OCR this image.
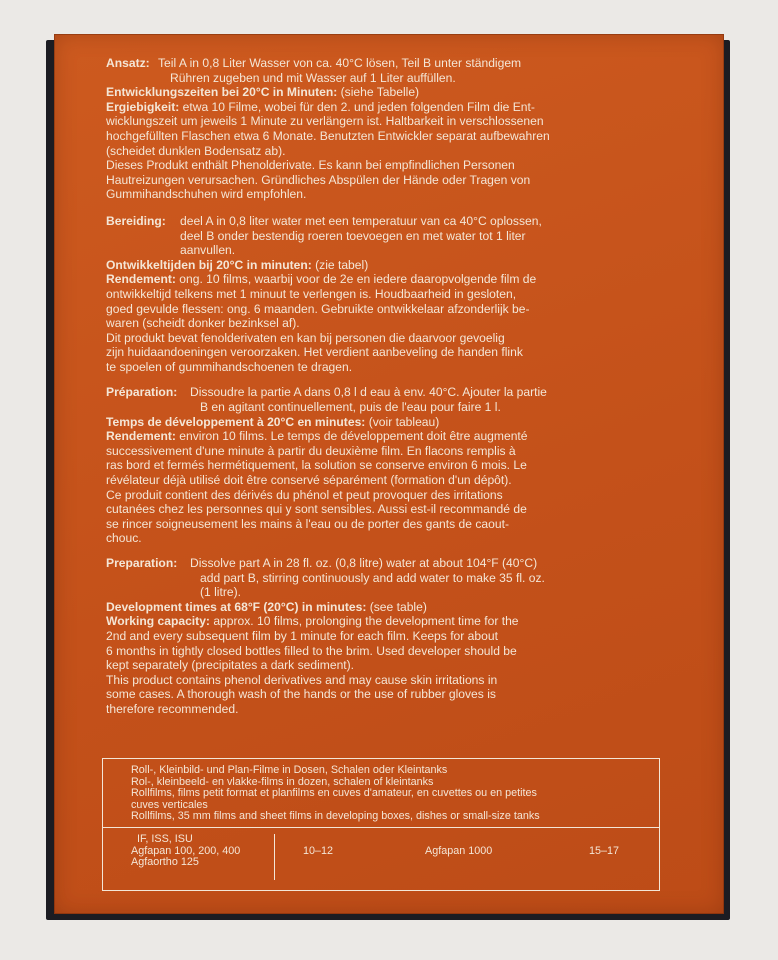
Ansatz: Teil A in 0,8 Liter Wasser von ca. 40°C lösen, Teil B unter ständigem
Rühren zugeben und mit Wasser auf 1 Liter auffüllen.
Entwicklungszeiten bei 20°C in Minuten: (siehe Tabelle)
Ergiebigkeit: etwa 10 Filme, wobei für den 2. und jeden folgenden Film die Ent-
wicklungszeit um jeweils 1 Minute zu verlängern ist. Haltbarkeit in verschlossenen
hochgefüllten Flaschen etwa 6 Monate. Benutzten Entwickler separat aufbewahren
(scheidet dunklen Bodensatz ab).
Dieses Produkt enthält Phenolderivate. Es kann bei empfindlichen Personen
Hautreizungen verursachen. Gründliches Abspülen der Hände oder Tragen von
Gummihandschuhen wird empfohlen.
Bereiding:	deel A in 0,8 liter water met een temperatuur van ca 40°C oplossen,
deel B onder bestendig roeren toevoegen en met water tot 1 liter
aanvullen.
Ontwikkeltijden bij 20°C in minuten: (zie tabel)
Rendement: ong. 10 films, waarbij voor de 2e en iedere daaropvolgende film de
ontwikkeltijd telkens met 1 minuut te verlengen is. Houdbaarheid in gesloten,
goed gevulde flessen: ong. 6 maanden. Gebruikte ontwikkelaar afzonderlijk be-
waren (scheidt donker bezinksel af).
Dit produkt bevat fenolderivaten en kan bij personen die daarvoor gevoelig
zijn huidaandoeningen veroorzaken. Het verdient aanbeveling de handen flink
te spoelen of gummihandschoenen te dragen.
Préparation:	Dissoudre la partie A dans 0,8 l d eau à env. 40°C. Ajouter la partie
B en agitant continuellement, puis de l'eau pour faire 1 l.
Temps de développement à 20°C en minutes: (voir tableau)
Rendement: environ 10 films. Le temps de développement doit être augmenté
successivement d'une minute à partir du deuxième film. En flacons remplis à
ras bord et fermés hermétiquement, la solution se conserve environ 6 mois. Le
révélateur déjà utilisé doit être conservé séparément (formation d'un dépôt).
Ce produit contient des dérivés du phénol et peut provoquer des irritations
cutanées chez les personnes qui y sont sensibles. Aussi est-il recommandé de
se rincer soigneusement les mains à l'eau ou de porter des gants de caout-
chouc.
Preparation:	Dissolve part A in 28 fl. oz. (0,8 litre) water at about 104°F (40°C)
add part B, stirring continuously and add water to make 35 fl. oz.
(1 litre).
Development times at 68°F (20°C) in minutes: (see table)
Working capacity: approx. 10 films, prolonging the development time for the
2nd and every subsequent film by 1 minute for each film. Keeps for about
6 months in tightly closed bottles filled to the brim. Used developer should be
kept separately (precipitates a dark sediment).
This product contains phenol derivatives and may cause skin irritations in
some cases. A thorough wash of the hands or the use of rubber gloves is
therefore recommended.
Roll-, Kleinbild- und Plan-Filme in Dosen, Schalen oder Kleintanks
Rol-, kleinbeeld- en vlakke-films in dozen, schalen of kleintanks
Rollfilms, films petit format et planfilms en cuves d'amateur, en cuvettes ou en petites
cuves verticales
Rollfilms, 35 mm films and sheet films in developing boxes, dishes or small-size tanks
IF, ISS, ISU
Agfapan 100, 200, 400
Agfaortho 125
10–12	Agfapan 1000	15–17
